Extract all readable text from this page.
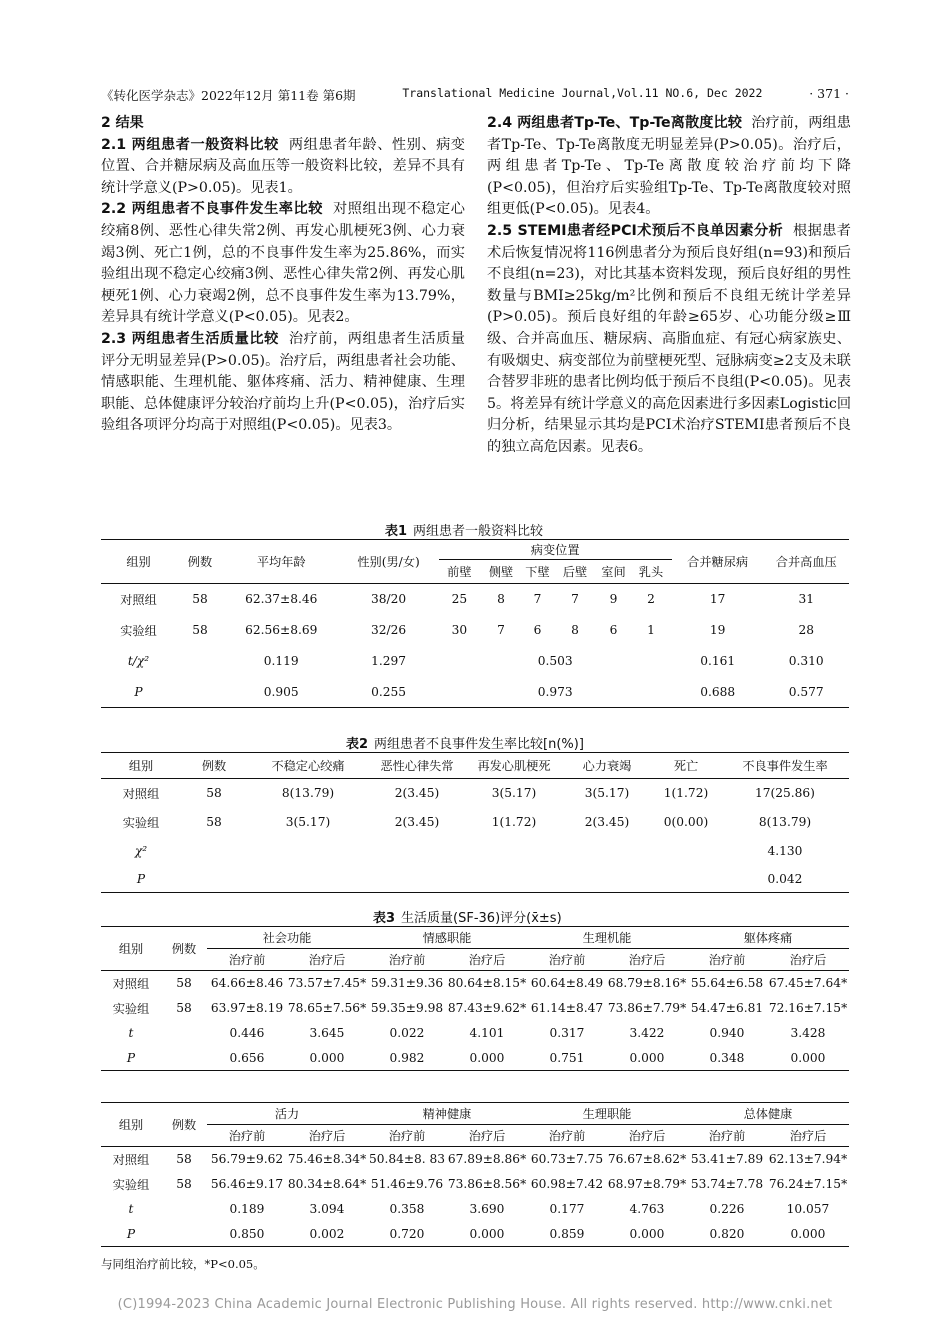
《转化医学杂志》2022年12月 第11卷 第6期	Translational Medicine Journal,Vol.11 NO.6, Dec 2022	· 371 ·

2 结果

2.1 两组患者一般资料比较 两组患者年龄、性别、病变位置、合并糖尿病及高血压等一般资料比较，差异不具有统计学意义(P>0.05)。见表1。

2.2 两组患者不良事件发生率比较 对照组出现不稳定心绞痛8例、恶性心律失常2例、再发心肌梗死3例、心力衰竭3例、死亡1例，总的不良事件发生率为25.86%，而实验组出现不稳定心绞痛3例、恶性心律失常2例、再发心肌梗死1例、心力衰竭2例，总不良事件发生率为13.79%，差异具有统计学意义(P<0.05)。见表2。

2.3 两组患者生活质量比较 治疗前，两组患者生活质量评分无明显差异(P>0.05)。治疗后，两组患者社会功能、情感职能、生理机能、躯体疼痛、活力、精神健康、生理职能、总体健康评分较治疗前均上升(P<0.05)，治疗后实验组各项评分均高于对照组(P<0.05)。见表3。

2.4 两组患者Tp-Te、Tp-Te离散度比较 治疗前，两组患者Tp-Te、Tp-Te离散度无明显差异(P>0.05)。治疗后，两组患者Tp-Te、Tp-Te离散度较治疗前均下降(P<0.05)，但治疗后实验组Tp-Te、Tp-Te离散度较对照组更低(P<0.05)。见表4。

2.5 STEMI患者经PCI术预后不良单因素分析 根据患者术后恢复情况将116例患者分为预后良好组(n=93)和预后不良组(n=23)，对比其基本资料发现，预后良好组的男性数量与BMI≥25kg/m²比例和预后不良组无统计学差异(P>0.05)。预后良好组的年龄≥65岁、心功能分级≥Ⅲ级、合并高血压、糖尿病、高脂血症、有冠心病家族史、有吸烟史、病变部位为前壁梗死型、冠脉病变≥2支及未联合替罗非班的患者比例均低于预后不良组(P<0.05)。见表5。将差异有统计学意义的高危因素进行多因素Logistic回归分析，结果显示其均是PCI术治疗STEMI患者预后不良的独立高危因素。见表6。

表1 两组患者一般资料比较
组别	例数	平均年龄	性别(男/女)	病变位置						合并糖尿病	合并高血压
				前壁	侧壁	下壁	后壁	室间	乳头		
对照组	58	62.37±8.46	38/20	25	8	7	7	9	2	17	31
实验组	58	62.56±8.69	32/26	30	7	6	8	6	1	19	28
t/χ²		0.119	1.297	0.503						0.161	0.310
P		0.905	0.255	0.973						0.688	0.577
表2 两组患者不良事件发生率比较[n(%)]
组别	例数	不稳定心绞痛	恶性心律失常	再发心肌梗死	心力衰竭	死亡	不良事件发生率
对照组	58	8(13.79)	2(3.45)	3(5.17)	3(5.17)	1(1.72)	17(25.86)
实验组	58	3(5.17)	2(3.45)	1(1.72)	2(3.45)	0(0.00)	8(13.79)
χ²							4.130
P							0.042
表3 生活质量(SF-36)评分(x̄±s)
组别	例数	社会功能		情感职能		生理机能		躯体疼痛	
		治疗前	治疗后	治疗前	治疗后	治疗前	治疗后	治疗前	治疗后
对照组	58	64.66±8.46	73.57±7.45*	59.31±9.36	80.64±8.15*	60.64±8.49	68.79±8.16*	55.64±6.58	67.45±7.64*
实验组	58	63.97±8.19	78.65±7.56*	59.35±9.98	87.43±9.62*	61.14±8.47	73.86±7.79*	54.47±6.81	72.16±7.15*
t		0.446	3.645	0.022	4.101	0.317	3.422	0.940	3.428
P		0.656	0.000	0.982	0.000	0.751	0.000	0.348	0.000
组别	例数	活力		精神健康		生理职能		总体健康	
		治疗前	治疗后	治疗前	治疗后	治疗前	治疗后	治疗前	治疗后
对照组	58	56.79±9.62	75.46±8.34*	50.84±8. 83	67.89±8.86*	60.73±7.75	76.67±8.62*	53.41±7.89	62.13±7.94*
实验组	58	56.46±9.17	80.34±8.64*	51.46±9.76	73.86±8.56*	60.98±7.42	68.97±8.79*	53.74±7.78	76.24±7.15*
t		0.189	3.094	0.358	3.690	0.177	4.763	0.226	10.057
P		0.850	0.002	0.720	0.000	0.859	0.000	0.820	0.000
与同组治疗前比较，*P<0.05。
(C)1994-2023 China Academic Journal Electronic Publishing House. All rights reserved. http://www.cnki.net
